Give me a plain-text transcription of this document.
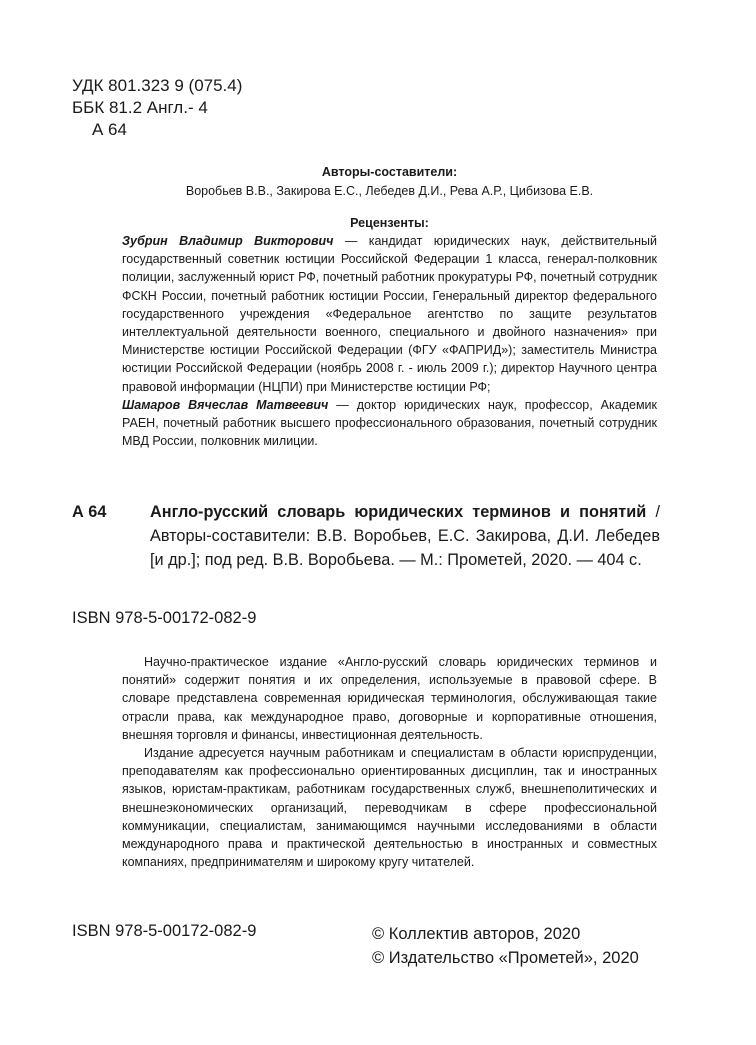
УДК 801.323 9 (075.4)
ББК 81.2 Англ.- 4
А 64
Авторы-составители:
Воробьев В.В., Закирова Е.С., Лебедев Д.И., Рева А.Р., Цибизова Е.В.
Рецензенты:

Зубрин Владимир Викторович — кандидат юридических наук, действительный государственный советник юстиции Российской Федерации 1 класса, генерал-полковник полиции, заслуженный юрист РФ, почетный работник прокуратуры РФ, почетный сотрудник ФСКН России, почетный работник юстиции России, Генеральный директор федерального государственного учреждения «Федеральное агентство по защите результатов интеллектуальной деятельности военного, специального и двойного назначения» при Министерстве юстиции Российской Федерации (ФГУ «ФАПРИД»); заместитель Министра юстиции Российской Федерации (ноябрь 2008 г. - июль 2009 г.); директор Научного центра правовой информации (НЦПИ) при Министерстве юстиции РФ;

Шамаров Вячеслав Матвеевич — доктор юридических наук, профессор, Академик РАЕН, почетный работник высшего профессионального образования, почетный сотрудник МВД России, полковник милиции.

А 64	Англо-русский словарь юридических терминов и понятий / Авторы-составители: В.В. Воробьев, Е.С. Закирова, Д.И. Лебедев [и др.]; под ред. В.В. Воробьева. — М.: Прометей, 2020. — 404 с.
ISBN 978-5-00172-082-9

Научно-практическое издание «Англо-русский словарь юридических терминов и понятий» содержит понятия и их определения, используемые в правовой сфере. В словаре представлена современная юридическая терминология, обслуживающая такие отрасли права, как международное право, договорные и корпоративные отношения, внешняя торговля и финансы, инвестиционная деятельность.

Издание адресуется научным работникам и специалистам в области юриспруденции, преподавателям как профессионально ориентированных дисциплин, так и иностранных языков, юристам-практикам, работникам государственных служб, внешнеполитических и внешнеэкономических организаций, переводчикам в сфере профессиональной коммуникации, специалистам, занимающимся научными исследованиями в области международного права и практической деятельностью в иностранных и совместных компаниях, предпринимателям и широкому кругу читателей.

ISBN 978-5-00172-082-9	© Коллектив авторов, 2020
© Издательство «Прометей», 2020
